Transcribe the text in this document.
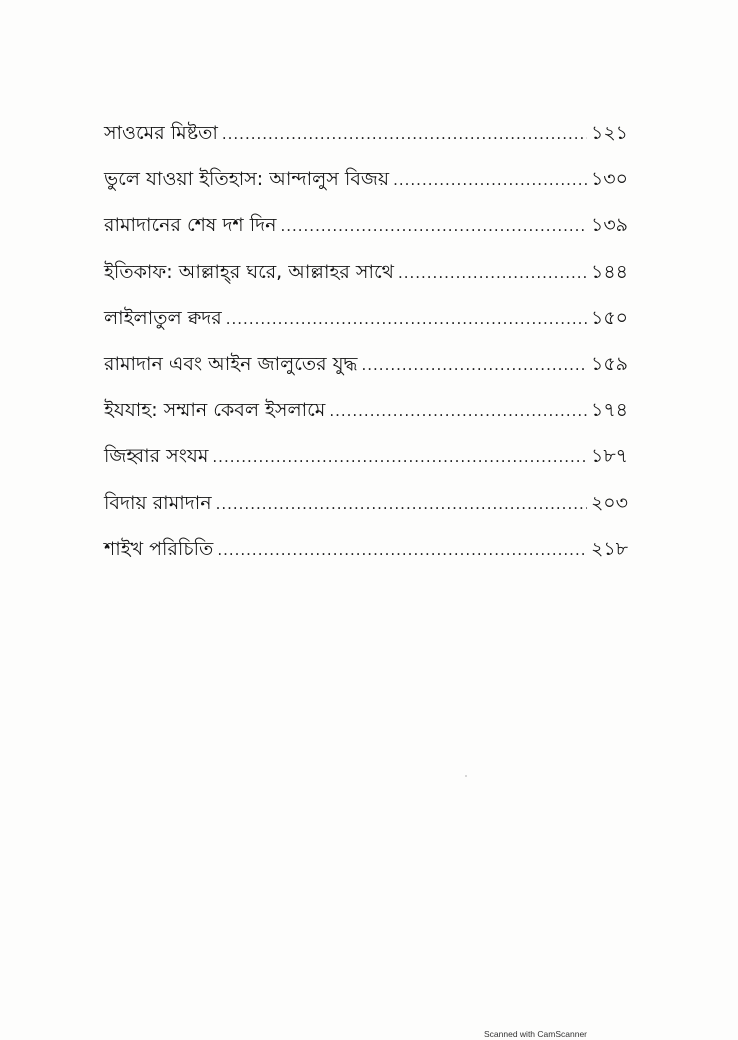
সাওমের মিষ্টতা .....	১২১
ভুলে যাওয়া ইতিহাস: আন্দালুস বিজয় .....	১৩০
রামাদানের শেষ দশ দিন .....	১৩৯
ইতিকাফ: আল্লাহ্‌র ঘরে, আল্লাহর সাথে .....	১৪৪
লাইলাতুল ক্বদর .....	১৫০
রামাদান এবং আইন জালুতের যুদ্ধ .....	১৫৯
ইযযাহ: সম্মান কেবল ইসলামে .....	১৭৪
জিহ্বার সংযম .....	১৮৭
বিদায় রামাদান .....	২০৩
শাইখ পরিচিতি .....	২১৮
Scanned with CamScanner
